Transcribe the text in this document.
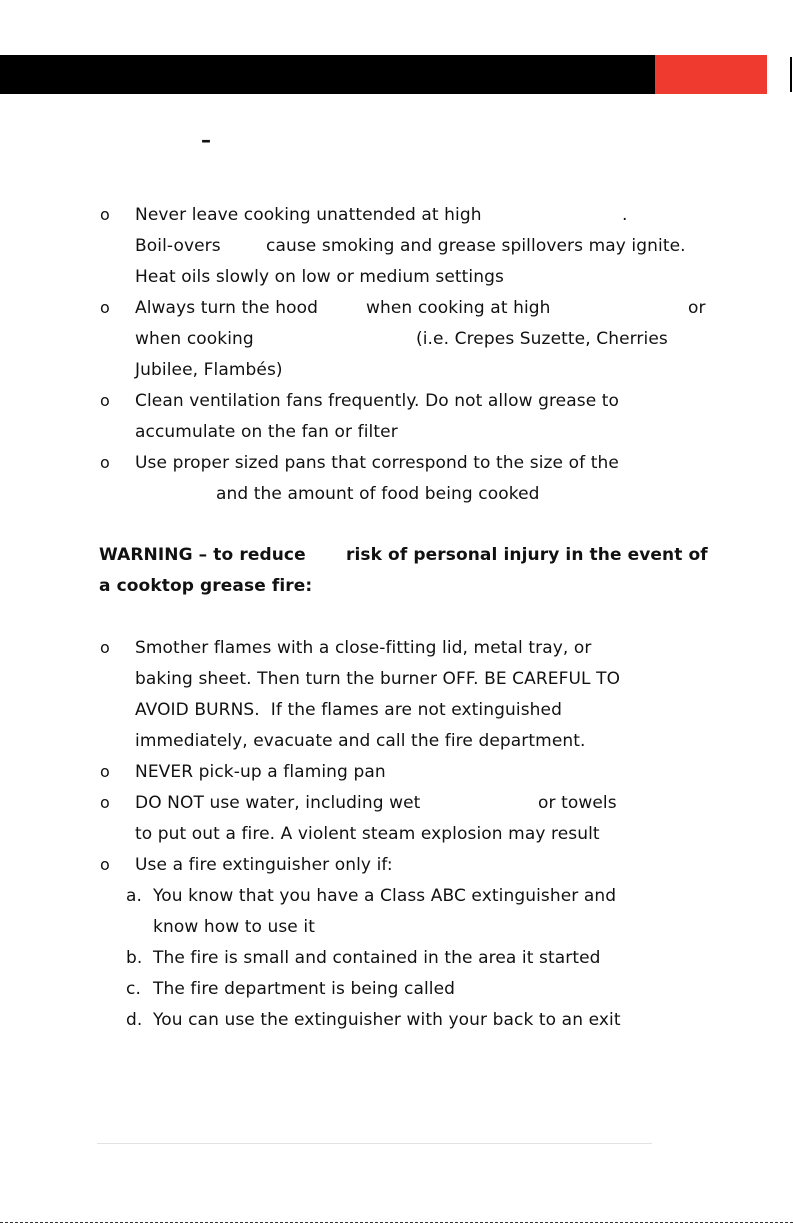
–
o Never leave cooking unattended at high	.
Boil-overs	cause smoking and grease spillovers may ignite.
Heat oils slowly on low or medium settings
o Always turn the hood	when cooking at high	or
when cooking	(i.e. Crepes Suzette, Cherries
Jubilee, Flambés)
o Clean ventilation fans frequently. Do not allow grease to
accumulate on the fan or filter
o Use proper sized pans that correspond to the size of the
and the amount of food being cooked
WARNING – to reduce risk of personal injury in the event of
a cooktop grease fire:
o Smother flames with a close-fitting lid, metal tray, or
baking sheet. Then turn the burner OFF. BE CAREFUL TO
AVOID BURNS.  If the flames are not extinguished
immediately, evacuate and call the fire department.
o NEVER pick-up a flaming pan
o DO NOT use water, including wet	or towels
to put out a fire. A violent steam explosion may result
o Use a fire extinguisher only if:
a. You know that you have a Class ABC extinguisher and
know how to use it
b. The fire is small and contained in the area it started
c. The fire department is being called
d. You can use the extinguisher with your back to an exit
